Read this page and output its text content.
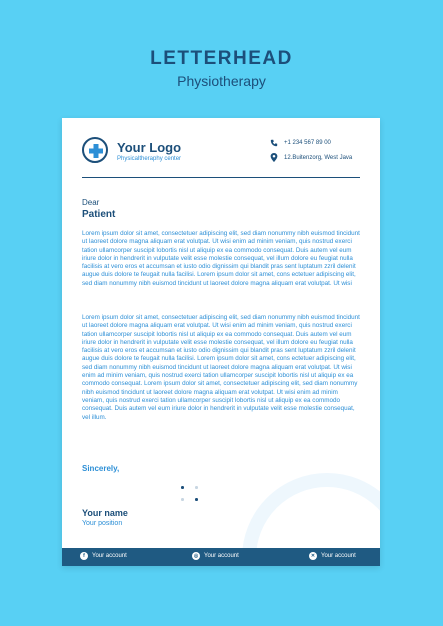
LETTERHEAD
Physiotherapy
Your Logo
Physicaltheraphy center
+1 234 567 89 00
12.Buitenzorg, West Java
Dear
Patient

Lorem ipsum dolor sit amet, consectetuer adipiscing elit, sed diam nonummy nibh euismod tincidunt ut laoreet dolore magna aliquam erat volutpat. Ut wisi enim ad minim veniam, quis nostrud exerci tation ullamcorper suscipit lobortis nisl ut aliquip ex ea commodo consequat. Duis autem vel eum iriure dolor in hendrerit in vulputate velit esse molestie consequat, vel illum dolore eu feugiat nulla facilisis at vero eros et accumsan et iusto odio dignissim qui blandit pras sent luptatum zzril delenit augue duis dolore te feugait nulla facilisi. Lorem ipsum dolor sit amet, cons ectetuer adipiscing elit, sed diam nonummy nibh euismod tincidunt ut laoreet dolore magna aliquam erat volutpat. Ut wisi

Lorem ipsum dolor sit amet, consectetuer adipiscing elit, sed diam nonummy nibh euismod tincidunt ut laoreet dolore magna aliquam erat volutpat. Ut wisi enim ad minim veniam, quis nostrud exerci tation ullamcorper suscipit lobortis nisl ut aliquip ex ea commodo consequat. Duis autem vel eum iriure dolor in hendrerit in vulputate velit esse molestie consequat, vel illum dolore eu feugiat nulla facilisis at vero eros et accumsan et iusto odio dignissim qui blandit pras sent luptatum zzril delenit augue duis dolore te feugait nulla facilisi. Lorem ipsum dolor sit amet, cons ectetuer adipiscing elit, sed diam nonummy nibh euismod tincidunt ut laoreet dolore magna aliquam erat volutpat. Ut wisi enim ad minim veniam, quis nostrud exerci tation ullamcorper suscipit lobortis nisl ut aliquip ex ea commodo consequat. Lorem ipsum dolor sit amet, consectetuer adipiscing elit, sed diam nonummy nibh euismod tincidunt ut laoreet dolore magna aliquam erat volutpat. Ut wisi enim ad minim veniam, quis nostrud exerci tation ullamcorper suscipit lobortis nisl ut aliquip ex ea commodo consequat. Duis autem vel eum iriure dolor in hendrerit in vulputate velit esse molestie consequat, vel illum.

Sincerely,
Your name
Your position
f	Your account	◎ Your account	✕ Your account
